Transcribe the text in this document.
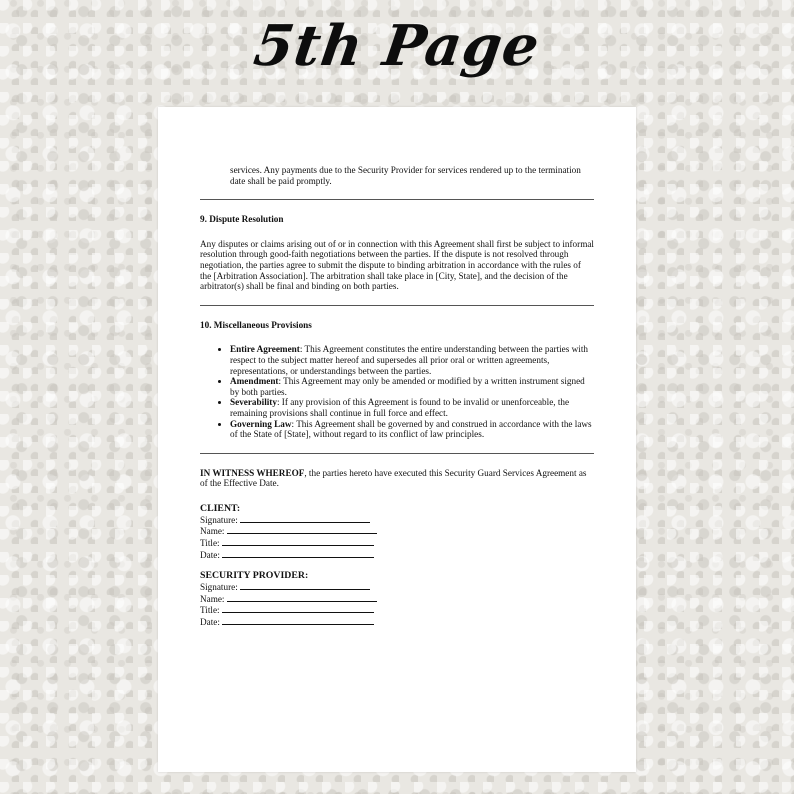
5th Page

services. Any payments due to the Security Provider for services rendered up to the termination date shall be paid promptly.

9. Dispute Resolution

Any disputes or claims arising out of or in connection with this Agreement shall first be subject to informal resolution through good-faith negotiations between the parties. If the dispute is not resolved through negotiation, the parties agree to submit the dispute to binding arbitration in accordance with the rules of the [Arbitration Association]. The arbitration shall take place in [City, State], and the decision of the arbitrator(s) shall be final and binding on both parties.

10. Miscellaneous Provisions
• Entire Agreement: This Agreement constitutes the entire understanding between the parties with respect to the subject matter hereof and supersedes all prior oral or written agreements, representations, or understandings between the parties.
• Amendment: This Agreement may only be amended or modified by a written instrument signed by both parties.
• Severability: If any provision of this Agreement is found to be invalid or unenforceable, the remaining provisions shall continue in full force and effect.
• Governing Law: This Agreement shall be governed by and construed in accordance with the laws of the State of [State], without regard to its conflict of law principles.

IN WITNESS WHEREOF, the parties hereto have executed this Security Guard Services Agreement as of the Effective Date.

CLIENT:
Signature:
Name:
Title:
Date:
SECURITY PROVIDER:
Signature:
Name:
Title:
Date:
